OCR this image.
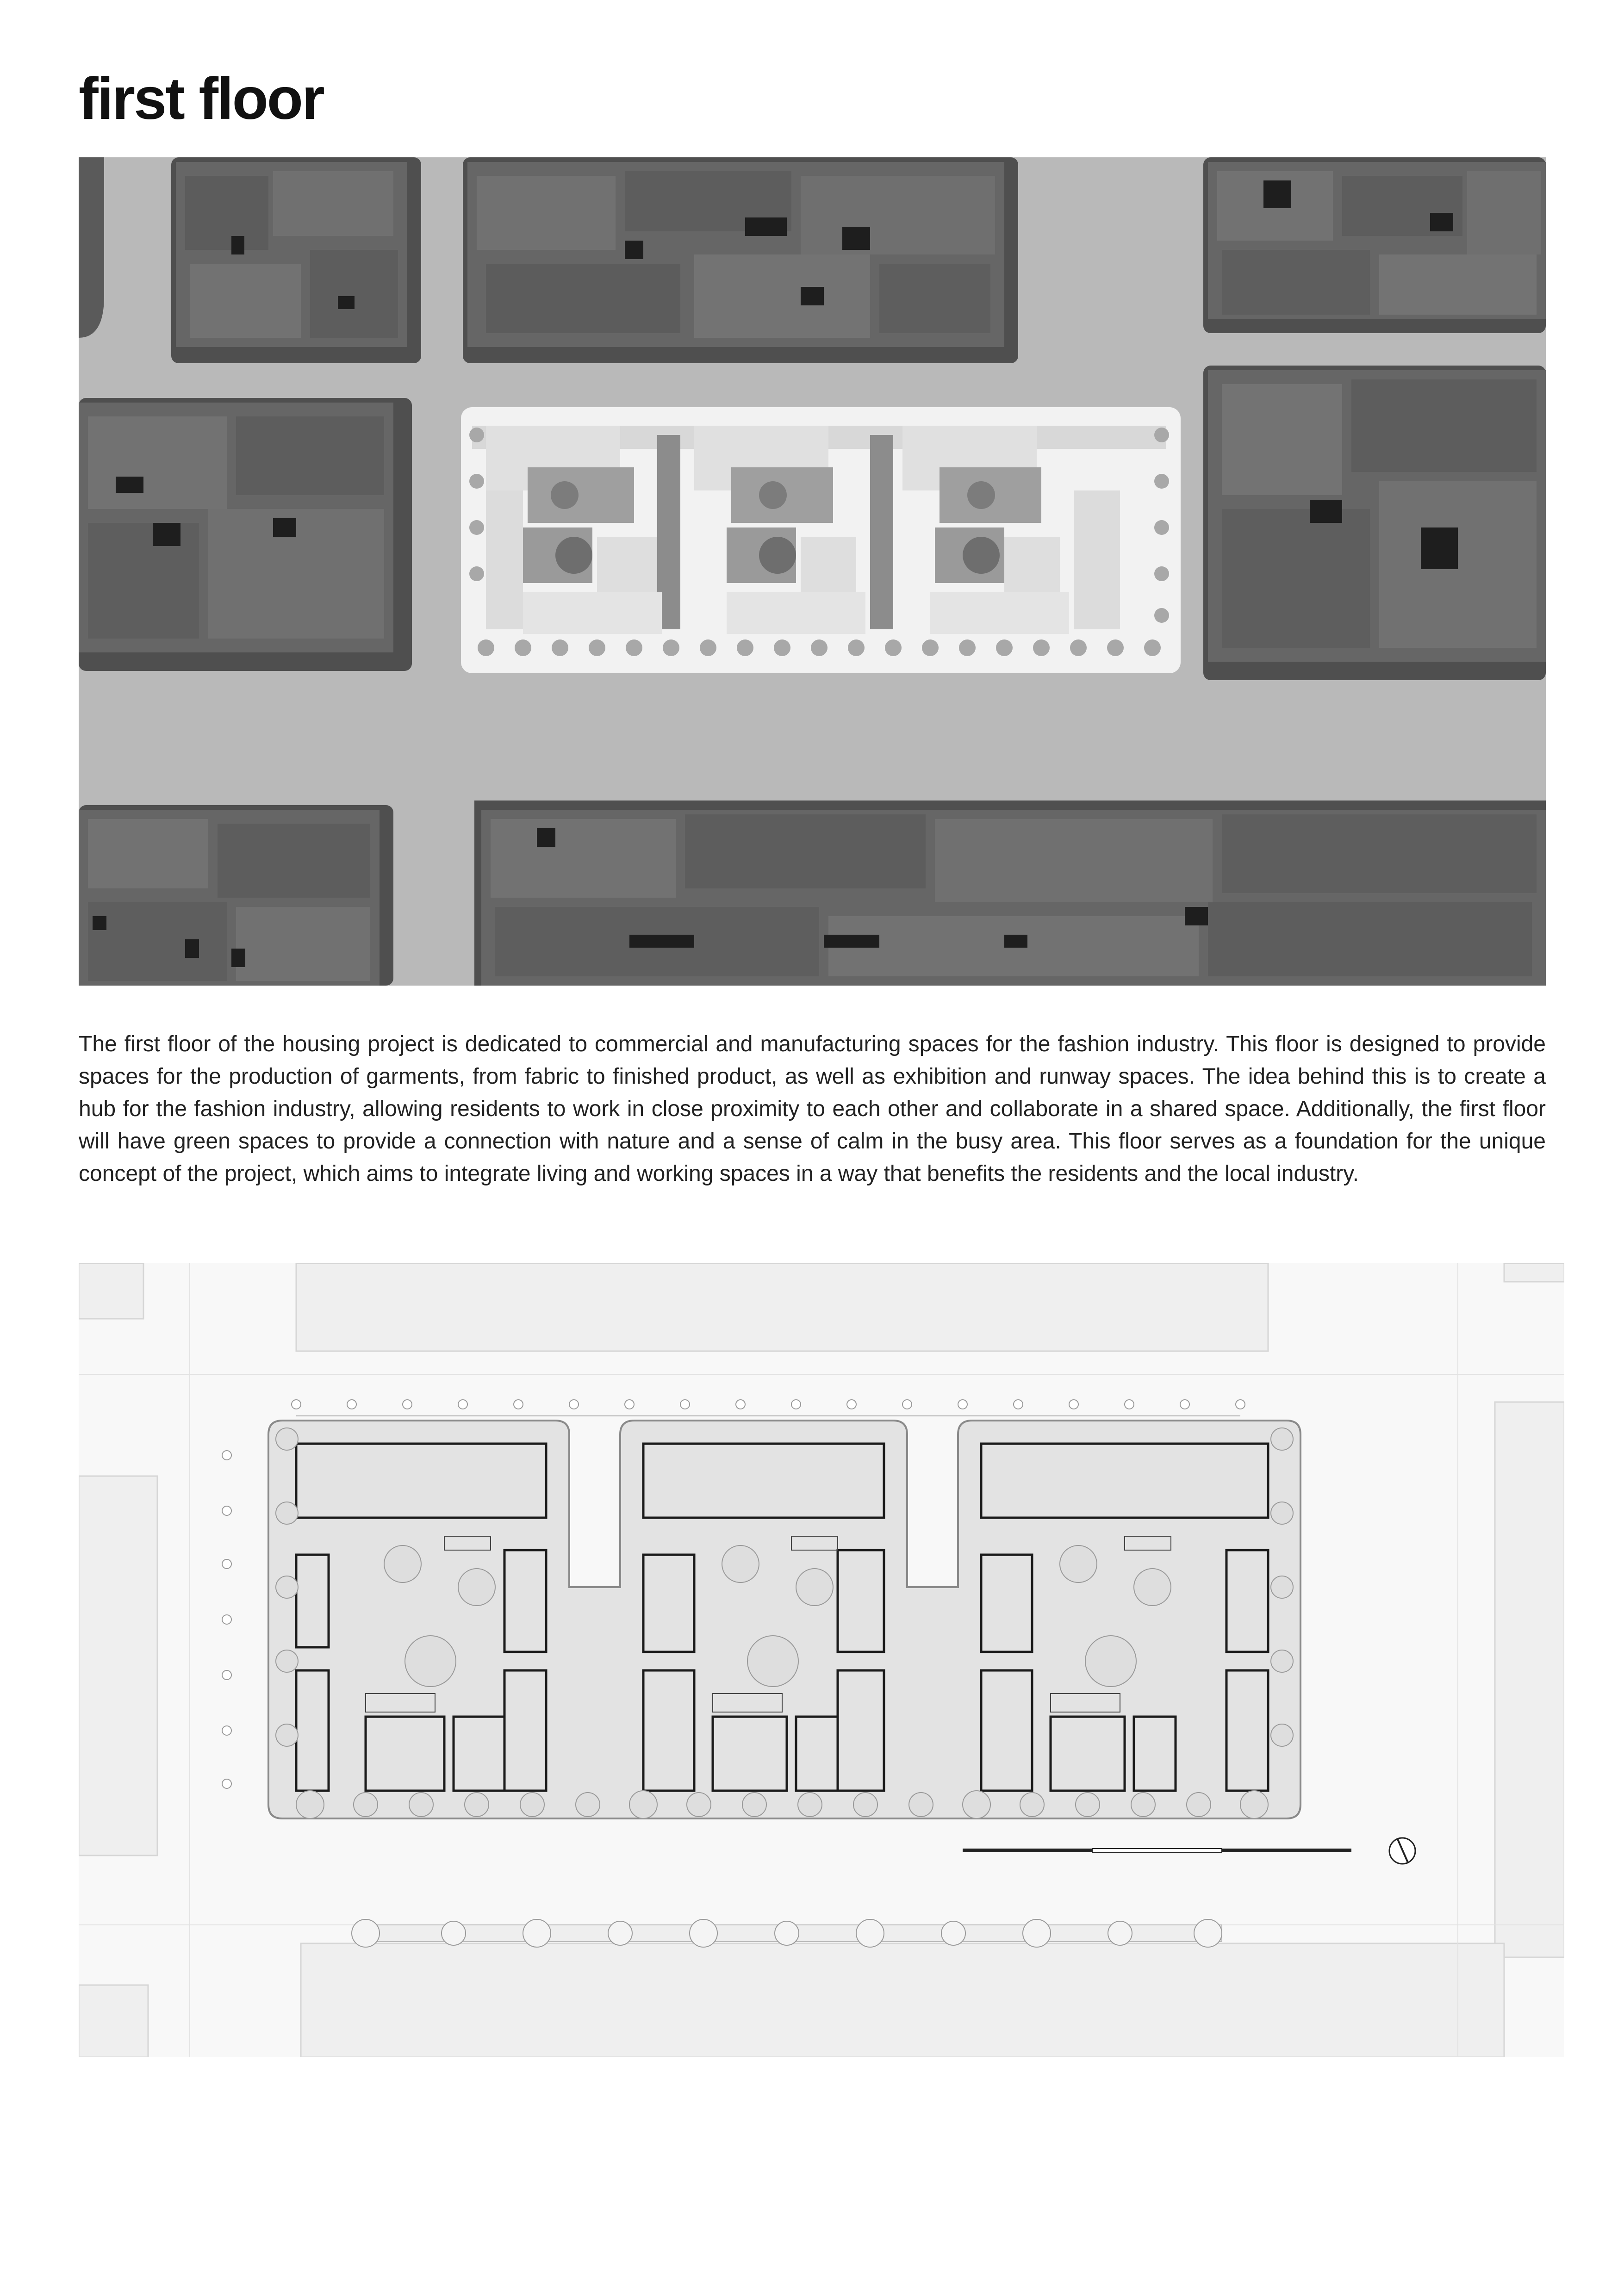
first floor

The first floor of the housing project is dedicated to commercial and manufacturing spaces for the fashion industry. This floor is designed to provide spaces for the production of garments, from fabric to finished product, as well as exhibition and runway spaces. The idea behind this is to create a hub for the fashion industry, allowing residents to work in close proximity to each other and collaborate in a shared space. Additionally, the first floor will have green spaces to provide a connection with nature and a sense of calm in the busy area. This floor serves as a foundation for the unique concept of the project, which aims to integrate living and working spaces in a way that benefits the residents and the local industry.
